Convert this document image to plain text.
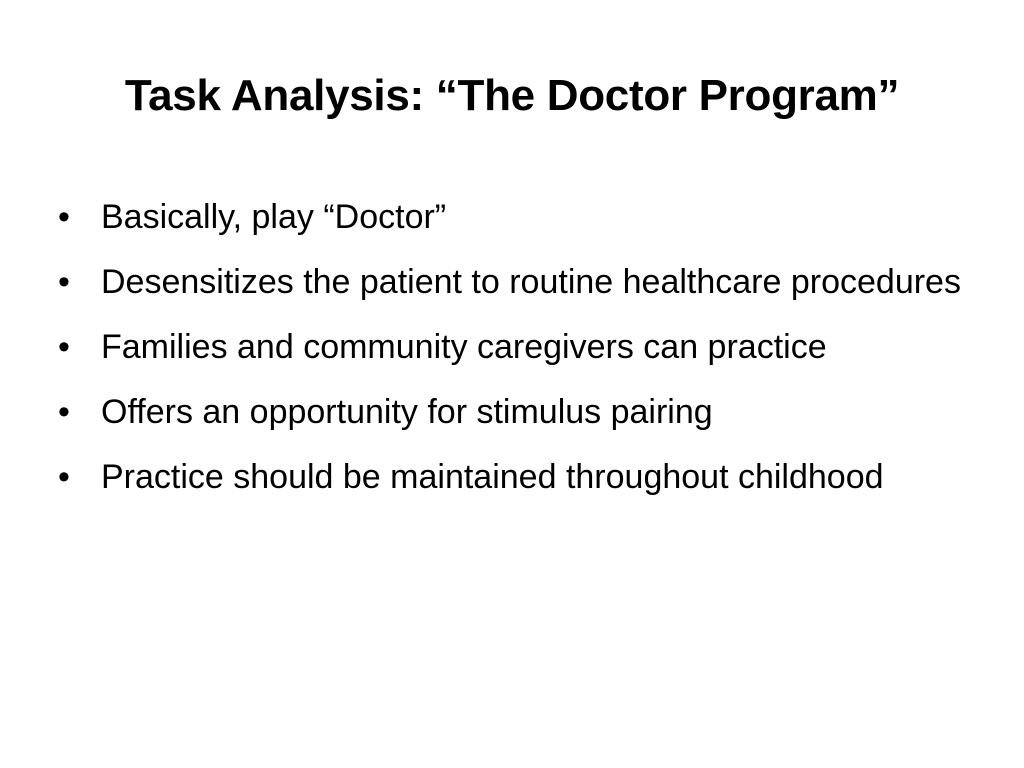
Task Analysis: “The Doctor Program”
• Basically, play “Doctor”
• Desensitizes the patient to routine healthcare procedures
• Families and community caregivers can practice
• Offers an opportunity for stimulus pairing
• Practice should be maintained throughout childhood
